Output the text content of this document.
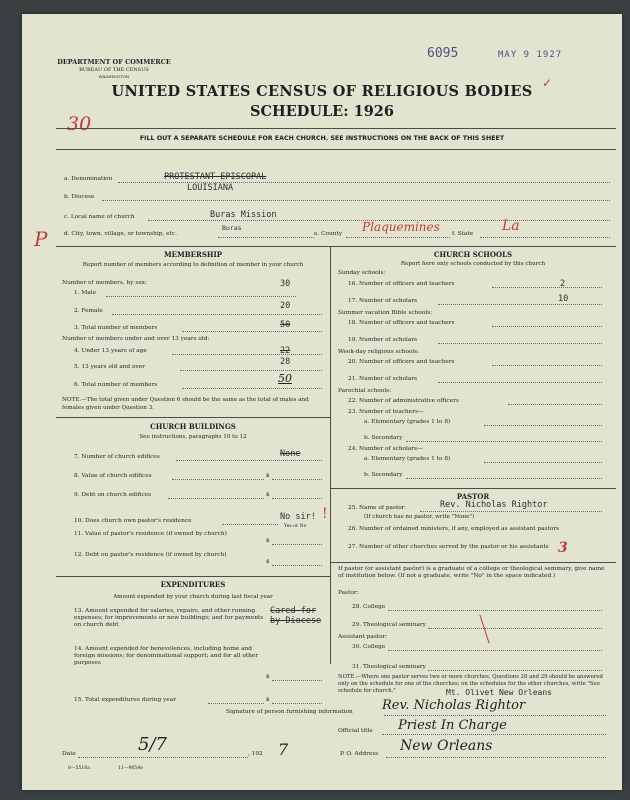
6095	MAY 9 1927
✓
DEPARTMENT OF COMMERCE
BUREAU OF THE CENSUS
WASHINGTON
UNITED STATES CENSUS OF RELIGIOUS BODIES
SCHEDULE: 1926
30
FILL OUT A SEPARATE SCHEDULE FOR EACH CHURCH. SEE INSTRUCTIONS ON THE BACK OF THIS SHEET
P
a. Denomination	PROTESTANT EPISCOPAL
LOUISIANA
b. Diocese
c. Local name of church	Buras Mission
d. City, town, village, or township, etc.
Buras
e. County Plaquemines f. State La
MEMBERSHIP
Report number of members according to definition of member in your church
Number of members, by sex:
1. Male
30
2. Female	20
3. Total number of members	50
Number of members under and over 13 years old:
4. Under 13 years of age	22
5. 13 years old and over	28
6. Total number of members	50
NOTE.—The total given under Question 6 should be the same as the total of males and females given under Question 3.
CHURCH BUILDINGS
See instructions, paragraphs 10 to 12
7. Number of church edifices	None
8. Value of church edifices	$
9. Debt on church edifices	$
10. Does church own pastor's residence	No sir!
Yes or No
!
11. Value of pastor's residence (if owned by church)
$
12. Debt on pastor's residence (if owned by church)
$
EXPENDITURES
Amount expended by your church during last fiscal year
13. Amount expended for salaries, repairs, and other running expenses; for improvements or new buildings; and for payments on church debt
Cared for by Diocese
14. Amount expended for benevolences, including home and foreign missions; for denominational support; and for all other purposes
$
15. Total expenditures during year	$
CHURCH SCHOOLS
Report here only schools conducted by this church
Sunday schools:
16. Number of officers and teachers	2
17. Number of scholars	10
Summer vacation Bible schools:
18. Number of officers and teachers
19. Number of scholars
Week-day religious schools:
20. Number of officers and teachers
21. Number of scholars
Parochial schools:
22. Number of administrative officers
23. Number of teachers—
a. Elementary (grades 1 to 8)
b. Secondary
24. Number of scholars—
a. Elementary (grades 1 to 8)
b. Secondary
PASTOR
25. Name of pastor	Rev. Nicholas Rightor
(If church has no pastor, write "None")
26. Number of ordained ministers, if any, employed as assistant pastors
27. Number of other churches served by the pastor or his assistants 3
If pastor (or assistant pastor) is a graduate of a college or theological seminary, give name of institution below. (If not a graduate, write "No" in the space indicated.)
Pastor:
28. College
29. Theological seminary
Assistant pastor:
30. College
31. Theological seminary
NOTE.—Where one pastor serves two or more churches, Questions 28 and 29 should be answered only on the schedule for one of the churches; on the schedules for the other churches, write "See schedule for church."	Mt. Olivet New Orleans
Signature of person furnishing information Rev. Nicholas Rightor
Official title Priest In Charge
Date	5/7	, 192 7	P. O. Address New Orleans
8—5518a	11—9654e
